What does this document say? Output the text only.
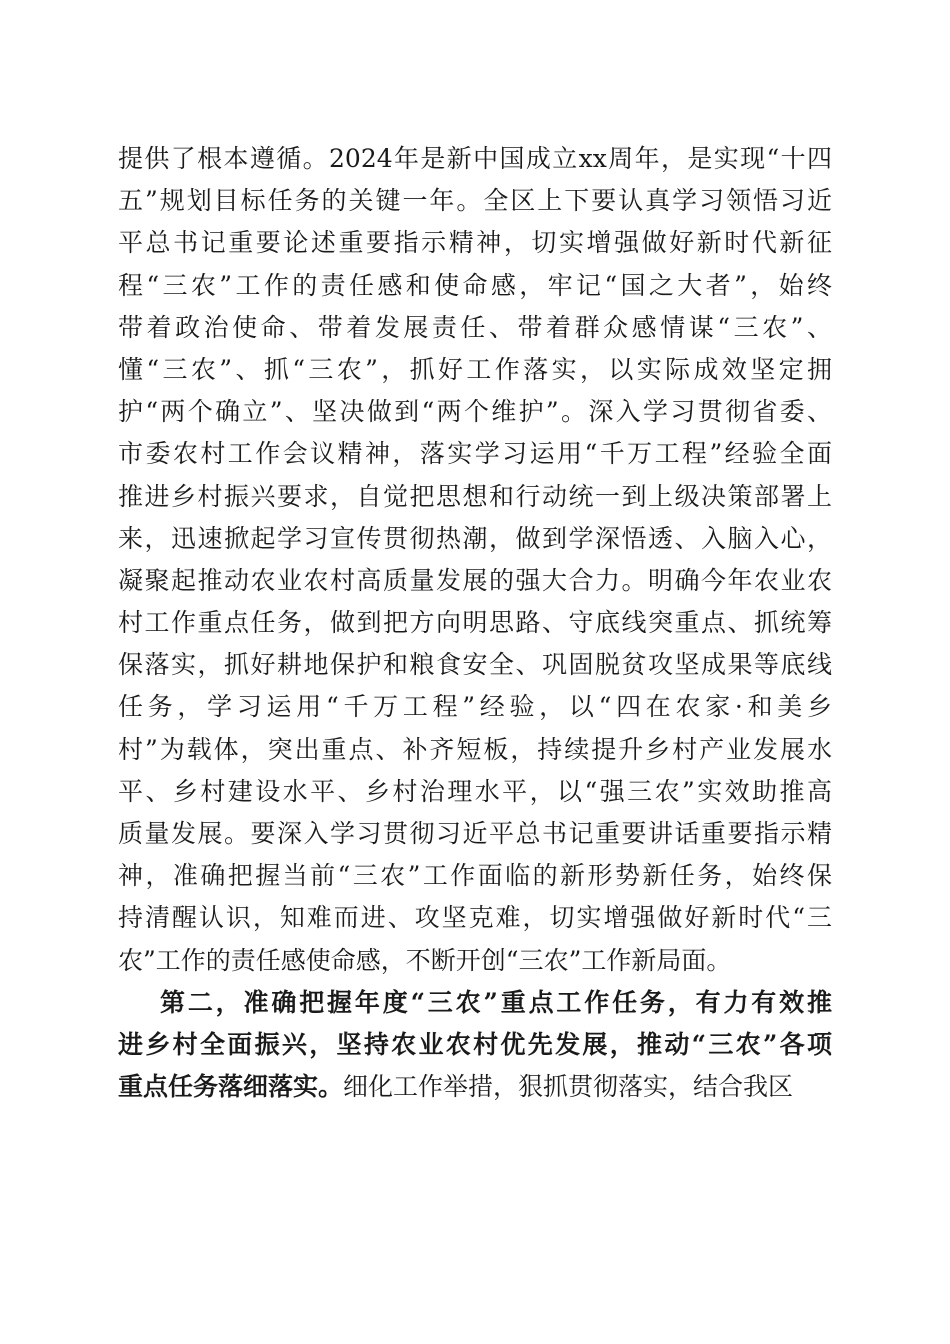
提供了根本遵循。2024年是新中国成立xx周年，是实现“十四
五”规划目标任务的关键一年。全区上下要认真学习领悟习近
平总书记重要论述重要指示精神，切实增强做好新时代新征
程“三农”工作的责任感和使命感，牢记“国之大者”，始终
带着政治使命、带着发展责任、带着群众感情谋“三农”、
懂“三农”、抓“三农”，抓好工作落实，以实际成效坚定拥
护“两个确立”、坚决做到“两个维护”。深入学习贯彻省委、
市委农村工作会议精神，落实学习运用“千万工程”经验全面
推进乡村振兴要求，自觉把思想和行动统一到上级决策部署上
来，迅速掀起学习宣传贯彻热潮，做到学深悟透、入脑入心，
凝聚起推动农业农村高质量发展的强大合力。明确今年农业农
村工作重点任务，做到把方向明思路、守底线突重点、抓统筹
保落实，抓好耕地保护和粮食安全、巩固脱贫攻坚成果等底线
任务，学习运用“千万工程”经验，以“四在农家·和美乡
村”为载体，突出重点、补齐短板，持续提升乡村产业发展水
平、乡村建设水平、乡村治理水平，以“强三农”实效助推高
质量发展。要深入学习贯彻习近平总书记重要讲话重要指示精
神，准确把握当前“三农”工作面临的新形势新任务，始终保
持清醒认识，知难而进、攻坚克难，切实增强做好新时代“三
农”工作的责任感使命感，不断开创“三农”工作新局面。
第二，准确把握年度“三农”重点工作任务，有力有效推
进乡村全面振兴，坚持农业农村优先发展，推动“三农”各项
重点任务落细落实。细化工作举措，狠抓贯彻落实，结合我区
